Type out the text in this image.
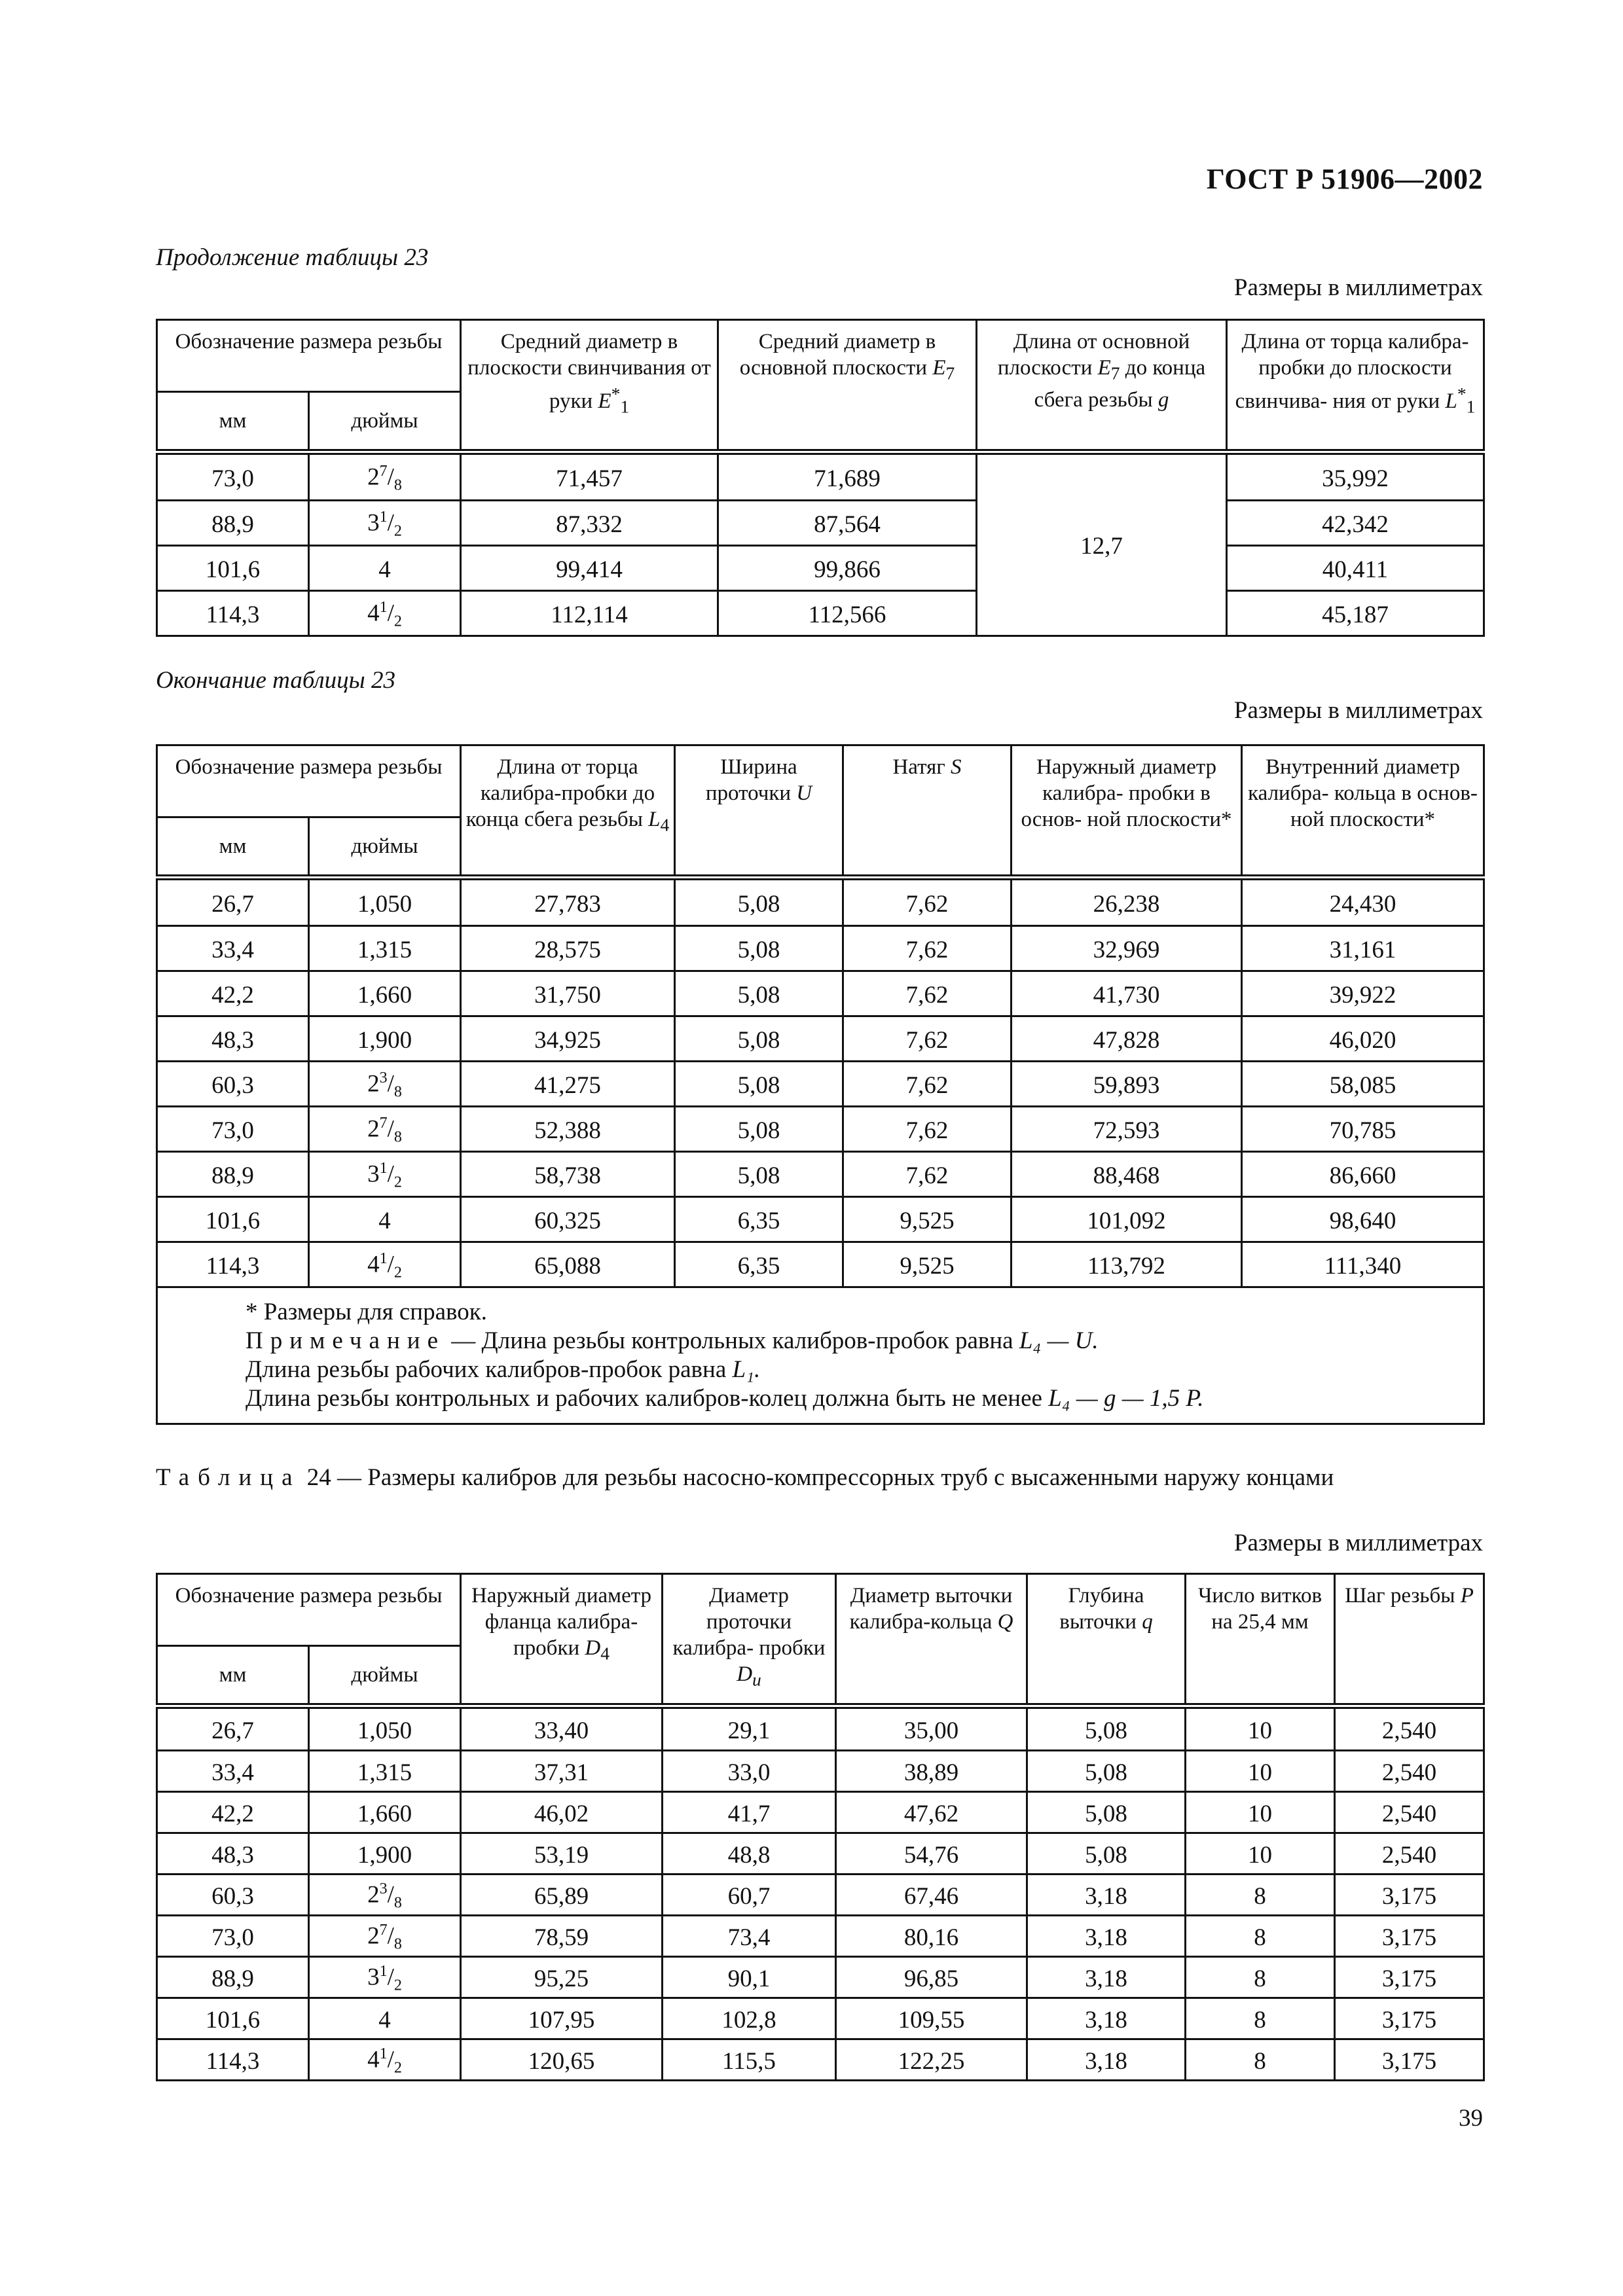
ГОСТ Р 51906—2002
Продолжение таблицы 23
Размеры в миллиметрах
Обозначение размера резьбы		Средний диаметр в плоскости свинчивания от руки $E^*_1$	Средний диаметр в основной плоскости $E_7$	Длина от основной плоскости $E_7$ до конца сбега резьбы g	Длина от торца калибра-пробки до плоскости свинчива- ния от руки $L^*_1$
мм	дюймы				
73,0	$2^7/_8$	71,457	71,689	12,7	35,992
88,9	$3^1/_2$	87,332	87,564		42,342
101,6	4	99,414	99,866		40,411
114,3	$4^1/_2$	112,114	112,566		45,187
Окончание таблицы 23
Размеры в миллиметрах
Обозначение размера резьбы		Длина от торца калибра-пробки до конца сбега резьбы $L_4$	Ширина проточки U	Натяг S	Наружный диаметр калибра- пробки в основ- ной плоскости*	Внутренний диаметр калибра- кольца в основ- ной плоскости*
мм	дюймы					
26,7	1,050	27,783	5,08	7,62	26,238	24,430
33,4	1,315	28,575	5,08	7,62	32,969	31,161
42,2	1,660	31,750	5,08	7,62	41,730	39,922
48,3	1,900	34,925	5,08	7,62	47,828	46,020
60,3	$2^3/_8$	41,275	5,08	7,62	59,893	58,085
73,0	$2^7/_8$	52,388	5,08	7,62	72,593	70,785
88,9	$3^1/_2$	58,738	5,08	7,62	88,468	86,660
101,6	4	60,325	6,35	9,525	101,092	98,640
114,3	$4^1/_2$	65,088	6,35	9,525	113,792	111,340

* Размеры для справок.
Примечание — Длина резьбы контрольных калибров-пробок равна L₄ — U.
Длина резьбы рабочих калибров-пробок равна L₁.
Длина резьбы контрольных и рабочих калибров-колец должна быть не менее L₄ — g — 1,5 P.						
Таблица 24 — Размеры калибров для резьбы насосно-компрессорных труб с высаженными наружу концами
Размеры в миллиметрах
Обозначение размера резьбы		Наружный диаметр фланца калибра-пробки $D_4$	Диаметр проточки калибра- пробки $D_u$	Диаметр выточки калибра-кольца Q	Глубина выточки q	Число витков на 25,4 мм	Шаг резьбы P
мм	дюймы						
26,7	1,050	33,40	29,1	35,00	5,08	10	2,540
33,4	1,315	37,31	33,0	38,89	5,08	10	2,540
42,2	1,660	46,02	41,7	47,62	5,08	10	2,540
48,3	1,900	53,19	48,8	54,76	5,08	10	2,540
60,3	$2^3/_8$	65,89	60,7	67,46	3,18	8	3,175
73,0	$2^7/_8$	78,59	73,4	80,16	3,18	8	3,175
88,9	$3^1/_2$	95,25	90,1	96,85	3,18	8	3,175
101,6	4	107,95	102,8	109,55	3,18	8	3,175
114,3	$4^1/_2$	120,65	115,5	122,25	3,18	8	3,175
39
